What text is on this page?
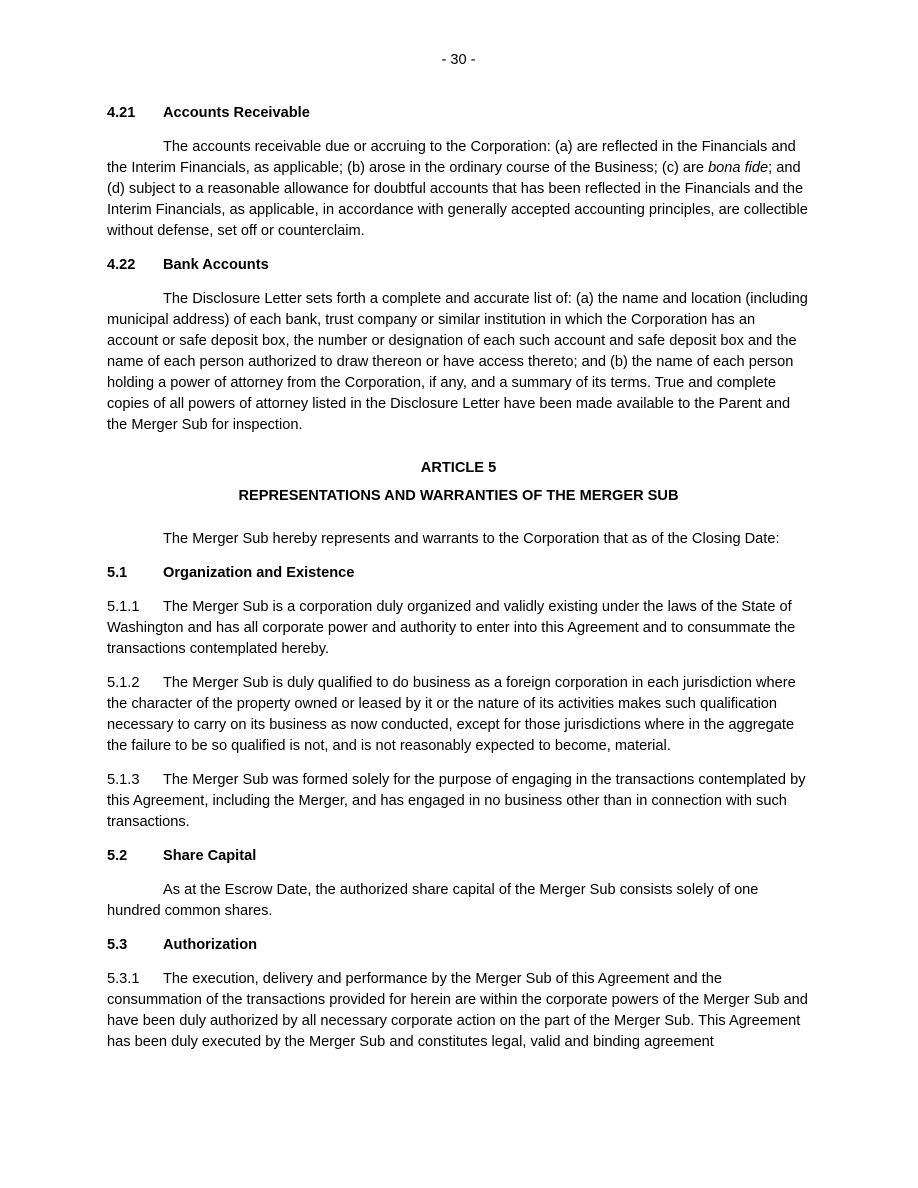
- 30 -
4.21 Accounts Receivable

The accounts receivable due or accruing to the Corporation: (a) are reflected in the Financials and the Interim Financials, as applicable; (b) arose in the ordinary course of the Business; (c) are bona fide; and (d) subject to a reasonable allowance for doubtful accounts that has been reflected in the Financials and the Interim Financials, as applicable, in accordance with generally accepted accounting principles, are collectible without defense, set off or counterclaim.

4.22 Bank Accounts

The Disclosure Letter sets forth a complete and accurate list of: (a) the name and location (including municipal address) of each bank, trust company or similar institution in which the Corporation has an account or safe deposit box, the number or designation of each such account and safe deposit box and the name of each person authorized to draw thereon or have access thereto; and (b) the name of each person holding a power of attorney from the Corporation, if any, and a summary of its terms. True and complete copies of all powers of attorney listed in the Disclosure Letter have been made available to the Parent and the Merger Sub for inspection.

ARTICLE 5
REPRESENTATIONS AND WARRANTIES OF THE MERGER SUB

The Merger Sub hereby represents and warrants to the Corporation that as of the Closing Date:

5.1 Organization and Existence

5.1.1 The Merger Sub is a corporation duly organized and validly existing under the laws of the State of Washington and has all corporate power and authority to enter into this Agreement and to consummate the transactions contemplated hereby.

5.1.2 The Merger Sub is duly qualified to do business as a foreign corporation in each jurisdiction where the character of the property owned or leased by it or the nature of its activities makes such qualification necessary to carry on its business as now conducted, except for those jurisdictions where in the aggregate the failure to be so qualified is not, and is not reasonably expected to become, material.

5.1.3 The Merger Sub was formed solely for the purpose of engaging in the transactions contemplated by this Agreement, including the Merger, and has engaged in no business other than in connection with such transactions.

5.2 Share Capital

As at the Escrow Date, the authorized share capital of the Merger Sub consists solely of one hundred common shares.

5.3 Authorization

5.3.1 The execution, delivery and performance by the Merger Sub of this Agreement and the consummation of the transactions provided for herein are within the corporate powers of the Merger Sub and have been duly authorized by all necessary corporate action on the part of the Merger Sub. This Agreement has been duly executed by the Merger Sub and constitutes legal, valid and binding agreement
